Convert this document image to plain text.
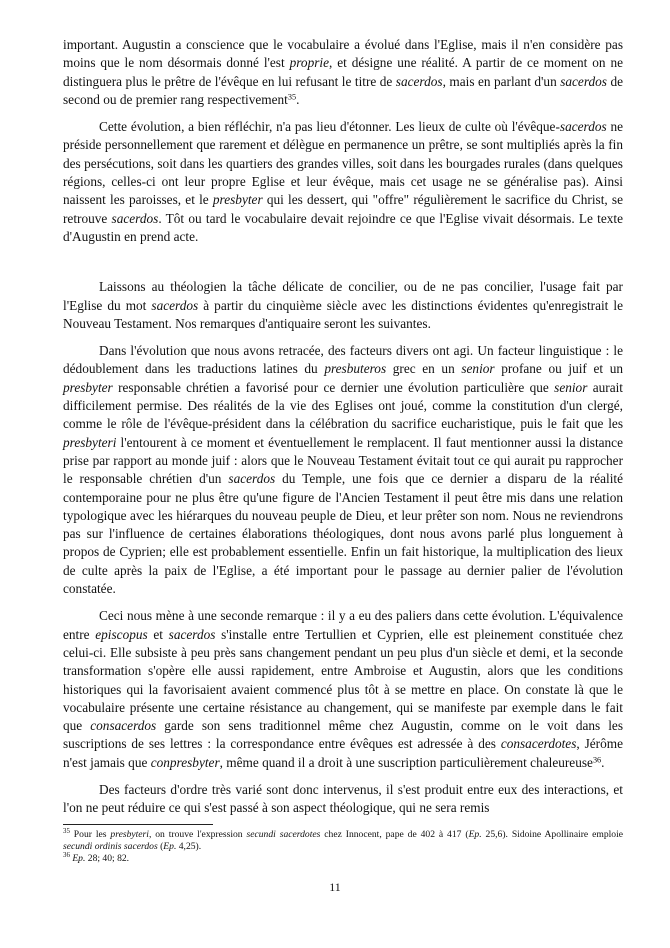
important. Augustin a conscience que le vocabulaire a évolué dans l'Eglise, mais il n'en considère pas moins que le nom désormais donné l'est proprie, et désigne une réalité. A partir de ce moment on ne distinguera plus le prêtre de l'évêque en lui refusant le titre de sacerdos, mais en parlant d'un sacerdos de second ou de premier rang respectivement$^{35}$.

Cette évolution, a bien réfléchir, n'a pas lieu d'étonner. Les lieux de culte où l'évêque-sacerdos ne préside personnellement que rarement et délègue en permanence un prêtre, se sont multipliés après la fin des persécutions, soit dans les quartiers des grandes villes, soit dans les bourgades rurales (dans quelques régions, celles-ci ont leur propre Eglise et leur évêque, mais cet usage ne se généralise pas). Ainsi naissent les paroisses, et le presbyter qui les dessert, qui "offre" régulièrement le sacrifice du Christ, se retrouve sacerdos. Tôt ou tard le vocabulaire devait rejoindre ce que l'Eglise vivait désormais. Le texte d'Augustin en prend acte.

Laissons au théologien la tâche délicate de concilier, ou de ne pas concilier, l'usage fait par l'Eglise du mot sacerdos à partir du cinquième siècle avec les distinctions évidentes qu'enregistrait le Nouveau Testament. Nos remarques d'antiquaire seront les suivantes.

Dans l'évolution que nous avons retracée, des facteurs divers ont agi. Un facteur linguistique : le dédoublement dans les traductions latines du presbuteros grec en un senior profane ou juif et un presbyter responsable chrétien a favorisé pour ce dernier une évolution particulière que senior aurait difficilement permise. Des réalités de la vie des Eglises ont joué, comme la constitution d'un clergé, comme le rôle de l'évêque-président dans la célébration du sacrifice eucharistique, puis le fait que les presbyteri l'entourent à ce moment et éventuellement le remplacent. Il faut mentionner aussi la distance prise par rapport au monde juif : alors que le Nouveau Testament évitait tout ce qui aurait pu rapprocher le responsable chrétien d'un sacerdos du Temple, une fois que ce dernier a disparu de la réalité contemporaine pour ne plus être qu'une figure de l'Ancien Testament il peut être mis dans une relation typologique avec les hiérarques du nouveau peuple de Dieu, et leur prêter son nom. Nous ne reviendrons pas sur l'influence de certaines élaborations théologiques, dont nous avons parlé plus longuement à propos de Cyprien; elle est probablement essentielle. Enfin un fait historique, la multiplication des lieux de culte après la paix de l'Eglise, a été important pour le passage au dernier palier de l'évolution constatée.

Ceci nous mène à une seconde remarque : il y a eu des paliers dans cette évolution. L'équivalence entre episcopus et sacerdos s'installe entre Tertullien et Cyprien, elle est pleinement constituée chez celui-ci. Elle subsiste à peu près sans changement pendant un peu plus d'un siècle et demi, et la seconde transformation s'opère elle aussi rapidement, entre Ambroise et Augustin, alors que les conditions historiques qui la favorisaient avaient commencé plus tôt à se mettre en place. On constate là que le vocabulaire présente une certaine résistance au changement, qui se manifeste par exemple dans le fait que consacerdos garde son sens traditionnel même chez Augustin, comme on le voit dans les suscriptions de ses lettres : la correspondance entre évêques est adressée à des consacerdotes, Jérôme n'est jamais que conpresbyter, même quand il a droit à une suscription particulièrement chaleureuse$^{36}$.

Des facteurs d'ordre très varié sont donc intervenus, il s'est produit entre eux des interactions, et l'on ne peut réduire ce qui s'est passé à son aspect théologique, qui ne sera remis

$^{35}$ Pour les presbyteri, on trouve l'expression secundi sacerdotes chez Innocent, pape de 402 à 417 (Ep. 25,6). Sidoine Apollinaire emploie secundi ordinis sacerdos (Ep. 4,25).

$^{36}$ Ep. 28; 40; 82.

11
